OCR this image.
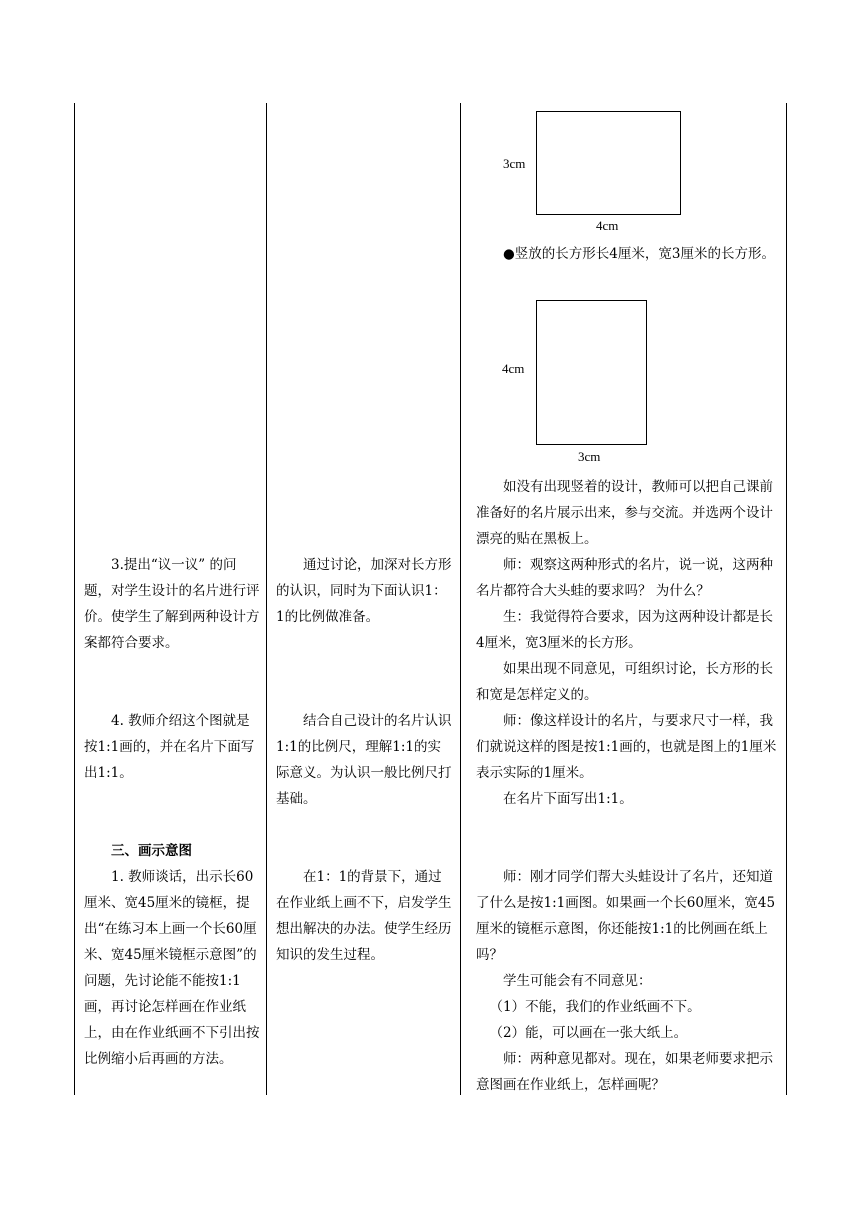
3cm
4cm

●竖放的长方形长4厘米，宽3厘米的长方形。

4cm
3cm

如没有出现竖着的设计，教师可以把自己课前准备好的名片展示出来，参与交流。并选两个设计漂亮的贴在黑板上。

师：观察这两种形式的名片，说一说，这两种名片都符合大头蛙的要求吗？ 为什么？

生：我觉得符合要求，因为这两种设计都是长4厘米，宽3厘米的长方形。

如果出现不同意见，可组织讨论，长方形的长和宽是怎样定义的。

师：像这样设计的名片，与要求尺寸一样，我们就说这样的图是按1:1画的，也就是图上的1厘米表示实际的1厘米。

在名片下面写出1:1。

师：刚才同学们帮大头蛙设计了名片，还知道了什么是按1:1画图。如果画一个长60厘米，宽45厘米的镜框示意图，你还能按1:1的比例画在纸上吗？

学生可能会有不同意见：

（1）不能，我们的作业纸画不下。

（2）能，可以画在一张大纸上。

师：两种意见都对。现在，如果老师要求把示意图画在作业纸上，怎样画呢？

3.提出“议一议” 的问题，对学生设计的名片进行评价。使学生了解到两种设计方案都符合要求。

4. 教师介绍这个图就是按1:1画的，并在名片下面写出1:1。

三、画示意图

1. 教师谈话，出示长60厘米、宽45厘米的镜框，提出“在练习本上画一个长60厘米、宽45厘米镜框示意图”的问题，先讨论能不能按1:1画，再讨论怎样画在作业纸上，由在作业纸画不下引出按比例缩小后再画的方法。

通过讨论，加深对长方形的认识，同时为下面认识1：1的比例做准备。

结合自己设计的名片认识1:1的比例尺，理解1:1的实际意义。为认识一般比例尺打基础。

在1：1的背景下，通过在作业纸上画不下，启发学生想出解决的办法。使学生经历知识的发生过程。
